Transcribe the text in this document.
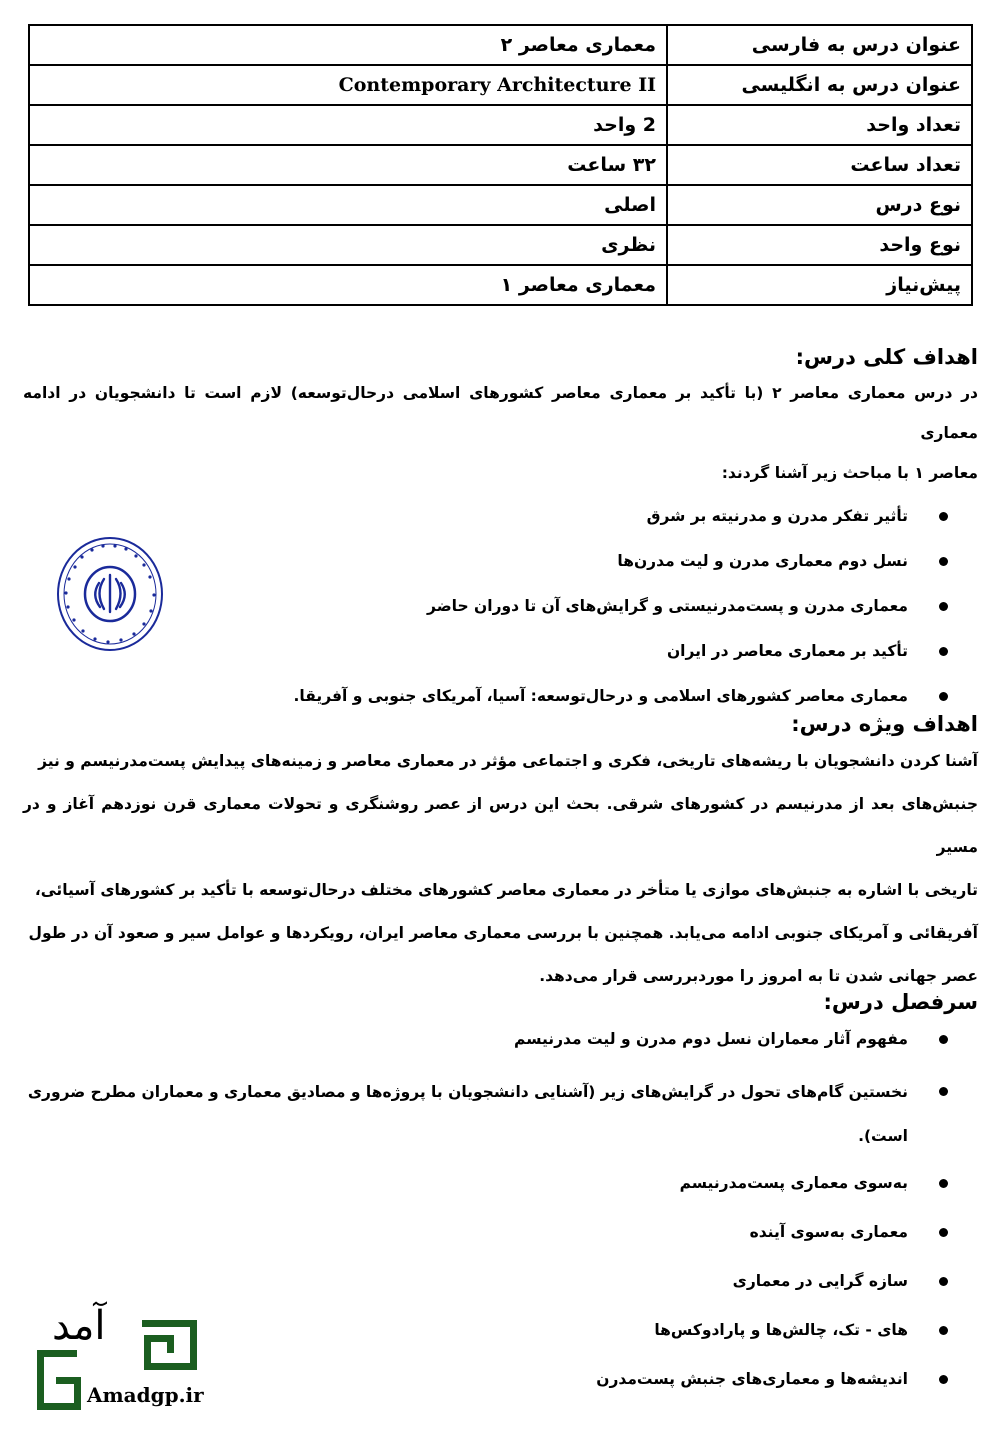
عنوان درس به فارسی	معماری معاصر ۲
عنوان درس به انگلیسی	Contemporary Architecture II
تعداد واحد	2 واحد
تعداد ساعت	۳۲ ساعت
نوع درس	اصلی
نوع واحد	نظری
پیش‌نیاز	معماری معاصر ۱
اهداف کلی درس:

در درس معماری معاصر ۲ (با تأکید بر معماری معاصر کشورهای اسلامی درحال‌توسعه) لازم است تا دانشجویان در ادامه معماری
معاصر ۱ با مباحث زیر آشنا گردند:

تأثیر تفکر مدرن و مدرنیته بر شرق
نسل دوم معماری مدرن و لیت مدرن‌ها
معماری مدرن و پست‌مدرنیستی و گرایش‌های آن تا دوران حاضر
تأکید بر معماری معاصر در ایران
معماری معاصر کشورهای اسلامی و درحال‌توسعه: آسیا، آمریکای جنوبی و آفریقا.
اهداف ویژه درس:

آشنا کردن دانشجویان با ریشه‌های تاریخی، فکری و اجتماعی مؤثر در معماری معاصر و زمینه‌های پیدایش پست‌مدرنیسم و نیز
جنبش‌های بعد از مدرنیسم در کشورهای شرقی. بحث این درس از عصر روشنگری و تحولات معماری قرن نوزدهم آغاز و در مسیر
تاریخی با اشاره به جنبش‌های موازی یا متأخر در معماری معاصر کشورهای مختلف درحال‌توسعه با تأکید بر کشورهای آسیائی،
آفریقائی و آمریکای جنوبی ادامه می‌یابد. همچنین با بررسی معماری معاصر ایران، رویکردها و عوامل سیر و صعود آن در طول
عصر جهانی شدن تا به امروز را موردبررسی قرار می‌دهد.

سرفصل درس:
مفهوم آثار معماران نسل دوم مدرن و لیت مدرنیسم
نخستین گام‌های تحول در گرایش‌های زیر (آشنایی دانشجویان با پروژه‌ها و مصادیق معماری و معماران مطرح ضروری
است).
به‌سوی معماری پست‌مدرنیسم
معماری به‌سوی آینده
سازه گرایی در معماری
های - تک، چالش‌ها و پارادوکس‌ها
اندیشه‌ها و معماری‌های جنبش پست‌مدرن
آمد
Amadgp.ir
